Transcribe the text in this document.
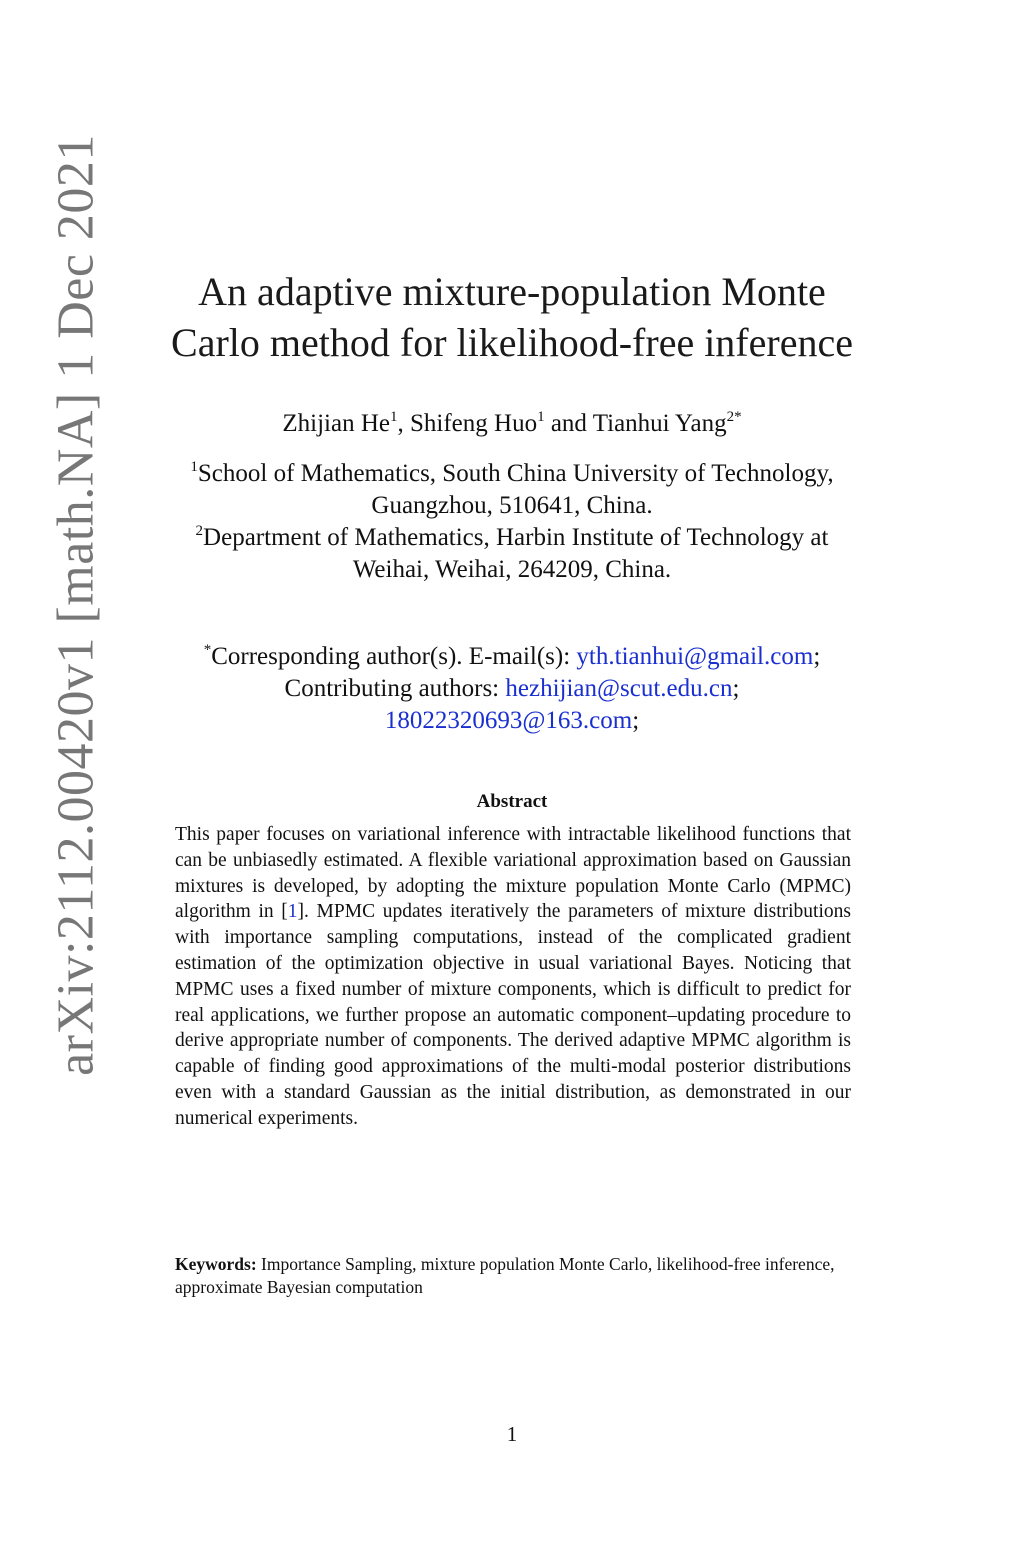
arXiv:2112.00420v1 [math.NA] 1 Dec 2021	An adaptive mixture-population Monte
Carlo method for likelihood-free inference
Zhijian He$^1$, Shifeng Huo$^1$ and Tianhui Yang$^{2*}$
$^1$School of Mathematics, South China University of Technology,
Guangzhou, 510641, China.
$^2$Department of Mathematics, Harbin Institute of Technology at
Weihai, Weihai, 264209, China.
*Corresponding author(s). E-mail(s): yth.tianhui@gmail.com;
Contributing authors: hezhijian@scut.edu.cn;
18022320693@163.com;
Abstract

This paper focuses on variational inference with intractable likelihood functions that can be unbiasedly estimated. A flexible variational approximation based on Gaussian mixtures is developed, by adopting the mixture population Monte Carlo (MPMC) algorithm in [1]. MPMC updates iteratively the parameters of mixture distributions with importance sampling computations, instead of the complicated gradient estimation of the optimization objective in usual variational Bayes. Noticing that MPMC uses a fixed number of mixture components, which is difficult to predict for real applications, we further propose an automatic component–updating procedure to derive appropriate number of components. The derived adaptive MPMC algorithm is capable of finding good approximations of the multi-modal posterior distributions even with a standard Gaussian as the initial distribution, as demonstrated in our numerical experiments.

Keywords: Importance Sampling, mixture population Monte Carlo, likelihood-free inference, approximate Bayesian computation

1
